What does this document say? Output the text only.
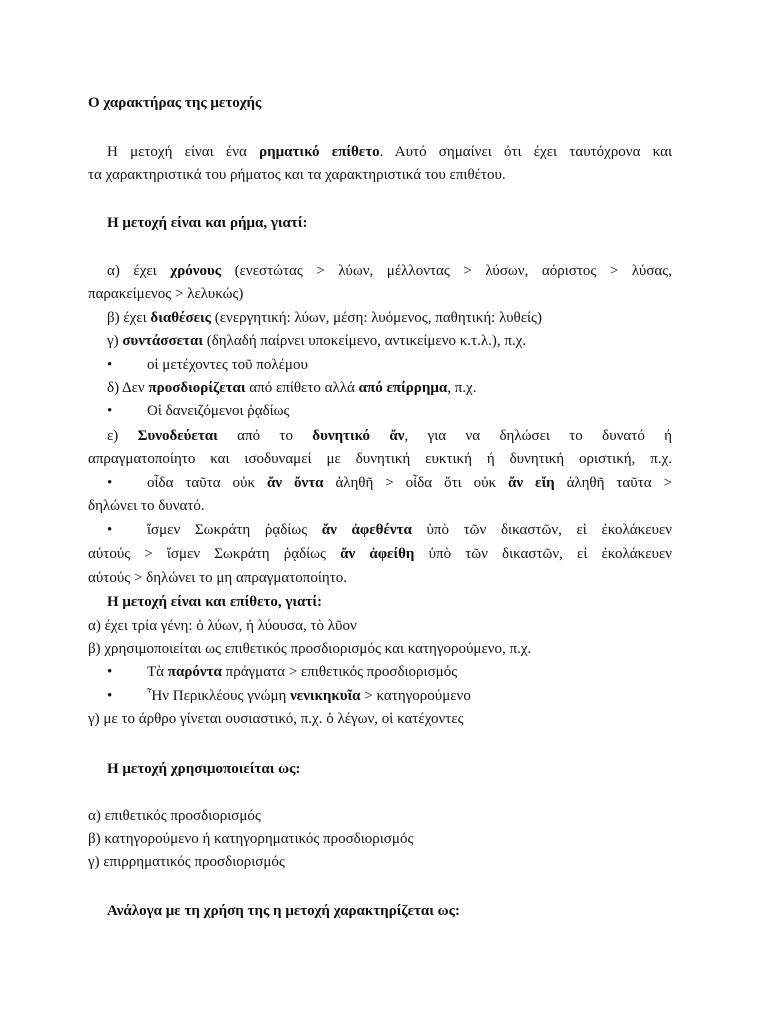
Ο χαρακτήρας της μετοχής
Η μετοχή είναι ένα ρηματικό επίθετο. Αυτό σημαίνει ότι έχει ταυτόχρονα και
τα χαρακτηριστικά του ρήματος και τα χαρακτηριστικά του επιθέτου.
Η μετοχή είναι και ρήμα, γιατί:
α) έχει χρόνους (ενεστώτας > λύων, μέλλοντας > λύσων, αόριστος > λύσας,
παρακείμενος > λελυκώς)
β) έχει διαθέσεις (ενεργητική: λύων, μέση: λυόμενος, παθητική: λυθείς)
γ) συντάσσεται (δηλαδή παίρνει υποκείμενο, αντικείμενο κ.τ.λ.), π.χ.
•	οἱ μετέχοντες τοῦ πολέμου
δ) Δεν προσδιορίζεται από επίθετο αλλά από επίρρημα, π.χ.
•	Οἱ δανειζόμενοι ῥᾳδίως
ε) Συνοδεύεται από το δυνητικό ἄν, για να δηλώσει το δυνατό ή
απραγματοποίητο και ισοδυναμεί με δυνητική ευκτική ή δυνητική οριστική, π.χ.
•	οἶδα ταῦτα οὐκ ἄν ὄντα ἀληθῆ > οἶδα ὅτι οὐκ ἄν εἴη ἀληθῆ ταῦτα >
δηλώνει το δυνατό.
•	ἴσμεν Σωκράτη ῥᾳδίως ἄν ἀφεθέντα ὑπὸ τῶν δικαστῶν, εἰ ἐκολάκευεν
αὐτούς > ἴσμεν Σωκράτη ῥᾳδίως ἄν ἀφείθη ὑπὸ τῶν δικαστῶν, εἰ ἐκολάκευεν
αὐτούς > δηλώνει το μη απραγματοποίητο.
Η μετοχή είναι και επίθετο, γιατί:
α) έχει τρία γένη: ὁ λύων, ἡ λύουσα, τὸ λῦον
β) χρησιμοποιείται ως επιθετικός προσδιορισμός και κατηγορούμενο, π.χ.
•	Τὰ παρόντα πράγματα > επιθετικός προσδιορισμός
•	Ἦν Περικλέους γνώμη νενικηκυῖα > κατηγορούμενο
γ) με το άρθρο γίνεται ουσιαστικό, π.χ. ὁ λέγων, οἱ κατέχοντες
Η μετοχή χρησιμοποιείται ως:
α) επιθετικός προσδιορισμός
β) κατηγορούμενο ή κατηγορηματικός προσδιορισμός
γ) επιρρηματικός προσδιορισμός
Ανάλογα με τη χρήση της η μετοχή χαρακτηρίζεται ως:
